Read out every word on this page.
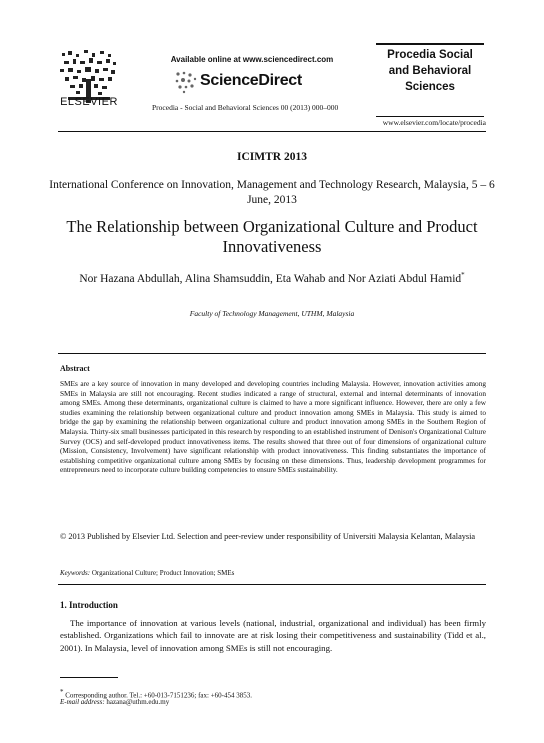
ELSEVIER
Available online at www.sciencedirect.com
ScienceDirect
Procedia - Social and Behavioral Sciences 00 (2013) 000–000
Procedia Social and Behavioral Sciences
www.elsevier.com/locate/procedia
ICIMTR 2013
International Conference on Innovation, Management and Technology Research, Malaysia, 5 – 6 June, 2013
The Relationship between Organizational Culture and Product Innovativeness
Nor Hazana Abdullah, Alina Shamsuddin, Eta Wahab and Nor Aziati Abdul Hamid*
Faculty of Technology Management, UTHM, Malaysia
Abstract
SMEs are a key source of innovation in many developed and developing countries including Malaysia. However, innovation activities among SMEs in Malaysia are still not encouraging. Recent studies indicated a range of structural, external and internal determinants of innovation among SMEs. Among these determinants, organizational culture is claimed to have a more significant influence. However, there are only a few studies examining the relationship between organizational culture and product innovation among SMEs in Malaysia. This study is aimed to bridge the gap by examining the relationship between organizational culture and product innovation among SMEs in the Southern Region of Malaysia. Thirty-six small businesses participated in this research by responding to an established instrument of Denison's Organizational Culture Survey (OCS) and self-developed product innovativeness items. The results showed that three out of four dimensions of organizational culture (Mission, Consistency, Involvement) have significant relationship with product innovativeness. This finding substantiates the importance of establishing competitive organizational culture among SMEs by focusing on these dimensions. Thus, leadership development programmes for entrepreneurs need to incorporate culture building competencies to ensure SMEs sustainability.
© 2013 Published by Elsevier Ltd. Selection and peer-review under responsibility of Universiti Malaysia Kelantan, Malaysia
Keywords: Organizational Culture; Product Innovation; SMEs
1. Introduction
The importance of innovation at various levels (national, industrial, organizational and individual) has been firmly established. Organizations which fail to innovate are at risk losing their competitiveness and sustainability (Tidd et al., 2001). In Malaysia, level of innovation among SMEs is still not encouraging.
* Corresponding author. Tel.: +60-013-7151236; fax: +60-454 3853.
E-mail address: hazana@uthm.edu.my
